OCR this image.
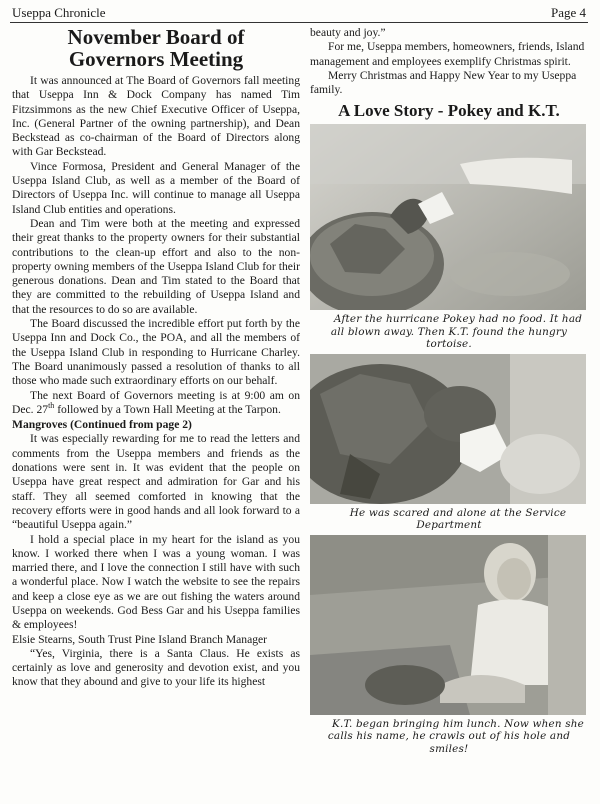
Useppa Chronicle	Page 4
November Board of
Governors Meeting

It was announced at The Board of Governors fall meeting that Useppa Inn & Dock Company has named Tim Fitzsimmons as the new Chief Executive Officer of Useppa, Inc. (General Partner of the owning partnership), and Dean Beckstead as co-chairman of the Board of Directors along with Gar Beckstead.

Vince Formosa, President and General Manager of the Useppa Island Club, as well as a member of the Board of Directors of Useppa Inc. will continue to manage all Useppa Island Club entities and operations.

Dean and Tim were both at the meeting and expressed their great thanks to the property owners for their substantial contributions to the clean-up effort and also to the non-property owning members of the Useppa Island Club for their generous donations. Dean and Tim stated to the Board that they are committed to the rebuilding of Useppa Island and that the resources to do so are available.

The Board discussed the incredible effort put forth by the Useppa Inn and Dock Co., the POA, and all the members of the Useppa Island Club in responding to Hurricane Charley. The Board unanimously passed a resolution of thanks to all those who made such extraordinary efforts on our behalf.

The next Board of Governors meeting is at 9:00 am on Dec. 27th followed by a Town Hall Meeting at the Tarpon.

Mangroves (Continued from page 2)

It was especially rewarding for me to read the letters and comments from the Useppa members and friends as the donations were sent in. It was evident that the people on Useppa have great respect and admiration for Gar and his staff. They all seemed comforted in knowing that the recovery efforts were in good hands and all look forward to a “beautiful Useppa again.”

I hold a special place in my heart for the island as you know. I worked there when I was a young woman. I was married there, and I love the connection I still have with such a wonderful place. Now I watch the website to see the repairs and keep a close eye as we are out fishing the waters around Useppa on weekends. God Bess Gar and his Useppa families & employees!

Elsie Stearns, South Trust Pine Island Branch Manager

“Yes, Virginia, there is a Santa Claus. He exists as certainly as love and generosity and devotion exist, and you know that they abound and give to your life its highest

beauty and joy.”

For me, Useppa members, homeowners, friends, Island management and employees exemplify Christmas spirit.

Merry Christmas and Happy New Year to my Useppa family.

A Love Story - Pokey and K.T.

After the hurricane Pokey had no food. It had all blown away. Then K.T. found the hungry tortoise.

He was scared and alone at the Service Department

K.T. began bringing him lunch. Now when she calls his name, he crawls out of his hole and smiles!
